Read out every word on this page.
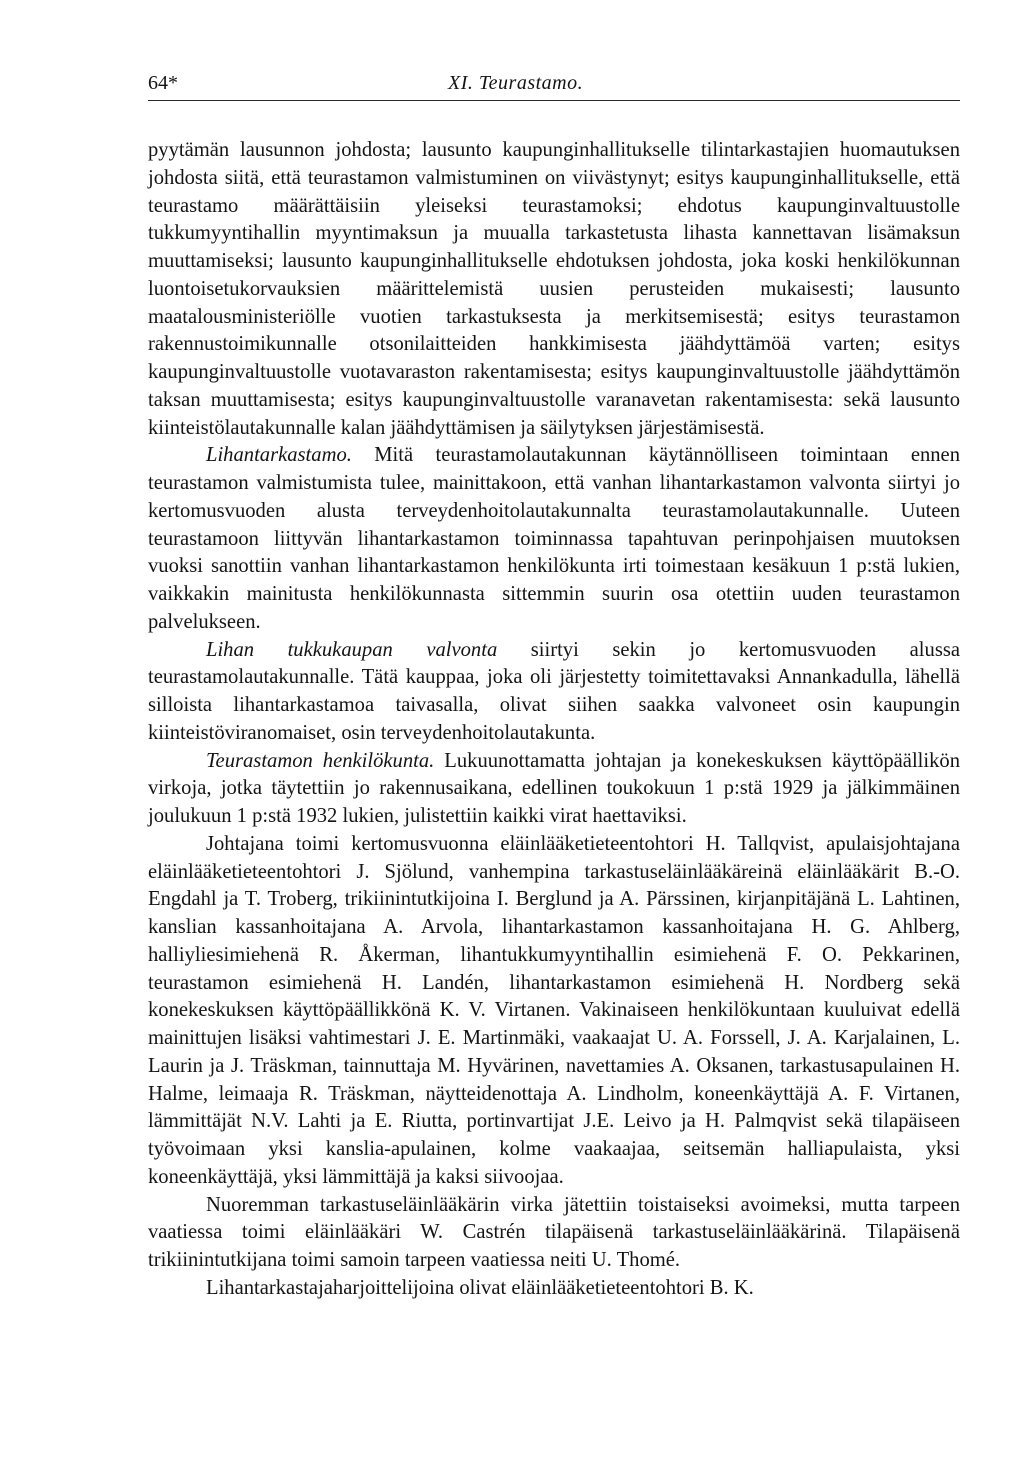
64*	XI. Teurastamo.

pyytämän lausunnon johdosta; lausunto kaupunginhallitukselle tilintarkastajien huomautuksen johdosta siitä, että teurastamon valmistuminen on viivästynyt; esitys kaupunginhallitukselle, että teurastamo määrättäisiin yleiseksi teurastamoksi; ehdotus kaupunginvaltuustolle tukkumyyntihallin myyntimaksun ja muualla tarkastetusta lihasta kannettavan lisämaksun muuttamiseksi; lausunto kaupunginhallitukselle ehdotuksen johdosta, joka koski henkilökunnan luontoisetukorvauksien määrittelemistä uusien perusteiden mukaisesti; lausunto maatalousministeriölle vuotien tarkastuksesta ja merkitsemisestä; esitys teurastamon rakennustoimikunnalle otsonilaitteiden hankkimisesta jäähdyttämöä varten; esitys kaupunginvaltuustolle vuotavaraston rakentamisesta; esitys kaupunginvaltuustolle jäähdyttämön taksan muuttamisesta; esitys kaupunginvaltuustolle varanavetan rakentamisesta: sekä lausunto kiinteistölautakunnalle kalan jäähdyttämisen ja säilytyksen järjestämisestä.

Lihantarkastamo. Mitä teurastamolautakunnan käytännölliseen toimintaan ennen teurastamon valmistumista tulee, mainittakoon, että vanhan lihantarkastamon valvonta siirtyi jo kertomusvuoden alusta terveydenhoitolautakunnalta teurastamolautakunnalle. Uuteen teurastamoon liittyvän lihantarkastamon toiminnassa tapahtuvan perinpohjaisen muutoksen vuoksi sanottiin vanhan lihantarkastamon henkilökunta irti toimestaan kesäkuun 1 p:stä lukien, vaikkakin mainitusta henkilökunnasta sittemmin suurin osa otettiin uuden teurastamon palvelukseen.

Lihan tukkukaupan valvonta siirtyi sekin jo kertomusvuoden alussa teurastamolautakunnalle. Tätä kauppaa, joka oli järjestetty toimitettavaksi Annankadulla, lähellä silloista lihantarkastamoa taivasalla, olivat siihen saakka valvoneet osin kaupungin kiinteistöviranomaiset, osin terveydenhoitolautakunta.

Teurastamon henkilökunta. Lukuunottamatta johtajan ja konekeskuksen käyttöpäällikön virkoja, jotka täytettiin jo rakennusaikana, edellinen toukokuun 1 p:stä 1929 ja jälkimmäinen joulukuun 1 p:stä 1932 lukien, julistettiin kaikki virat haettaviksi.

Johtajana toimi kertomusvuonna eläinlääketieteentohtori H. Tallqvist, apulaisjohtajana eläinlääketieteentohtori J. Sjölund, vanhempina tarkastuseläinlääkäreinä eläinlääkärit B.-O. Engdahl ja T. Troberg, trikiinintutkijoina I. Berglund ja A. Pärssinen, kirjanpitäjänä L. Lahtinen, kanslian kassanhoitajana A. Arvola, lihantarkastamon kassanhoitajana H. G. Ahlberg, halliyliesimiehenä R. Åkerman, lihantukkumyyntihallin esimiehenä F. O. Pekkarinen, teurastamon esimiehenä H. Landén, lihantarkastamon esimiehenä H. Nordberg sekä konekeskuksen käyttöpäällikkönä K. V. Virtanen. Vakinaiseen henkilökuntaan kuuluivat edellä mainittujen lisäksi vahtimestari J. E. Martinmäki, vaakaajat U. A. Forssell, J. A. Karjalainen, L. Laurin ja J. Träskman, tainnuttaja M. Hyvärinen, navettamies A. Oksanen, tarkastusapulainen H. Halme, leimaaja R. Träskman, näytteidenottaja A. Lindholm, koneenkäyttäjä A. F. Virtanen, lämmittäjät N.V. Lahti ja E. Riutta, portinvartijat J.E. Leivo ja H. Palmqvist sekä tilapäiseen työvoimaan yksi kanslia-apulainen, kolme vaakaajaa, seitsemän halliapulaista, yksi koneenkäyttäjä, yksi lämmittäjä ja kaksi siivoojaa.

Nuoremman tarkastuseläinlääkärin virka jätettiin toistaiseksi avoimeksi, mutta tarpeen vaatiessa toimi eläinlääkäri W. Castrén tilapäisenä tarkastuseläinlääkärinä. Tilapäisenä trikiinintutkijana toimi samoin tarpeen vaatiessa neiti U. Thomé.

Lihantarkastajaharjoittelijoina olivat eläinlääketieteentohtori B. K.
